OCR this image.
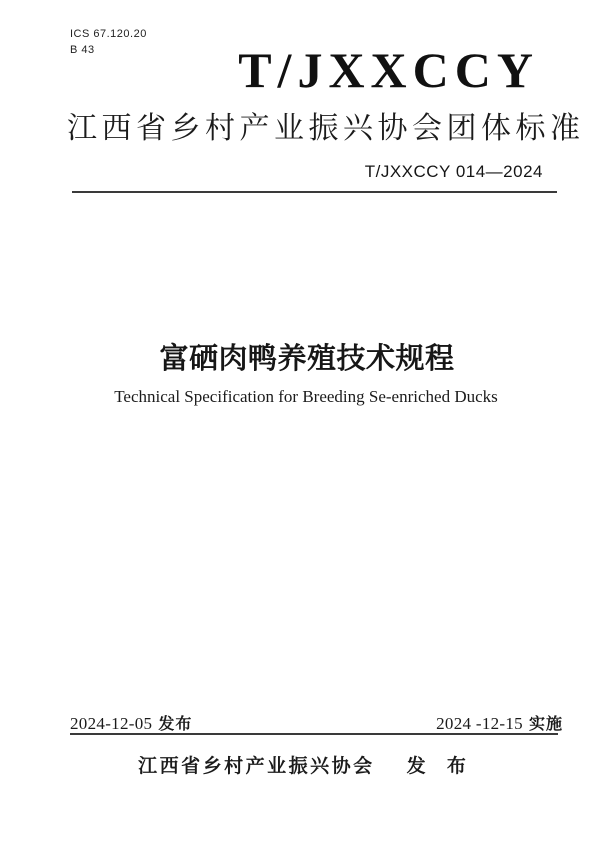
ICS 67.120.20
B 43	T/JXXCCY
江西省乡村产业振兴协会团体标准
T/JXXCCY 014—2024
富硒肉鸭养殖技术规程
Technical Specification for Breeding Se-enriched Ducks
2024-12-05 发布	2024 -12-15 实施
江西省乡村产业振兴协会 发 布
